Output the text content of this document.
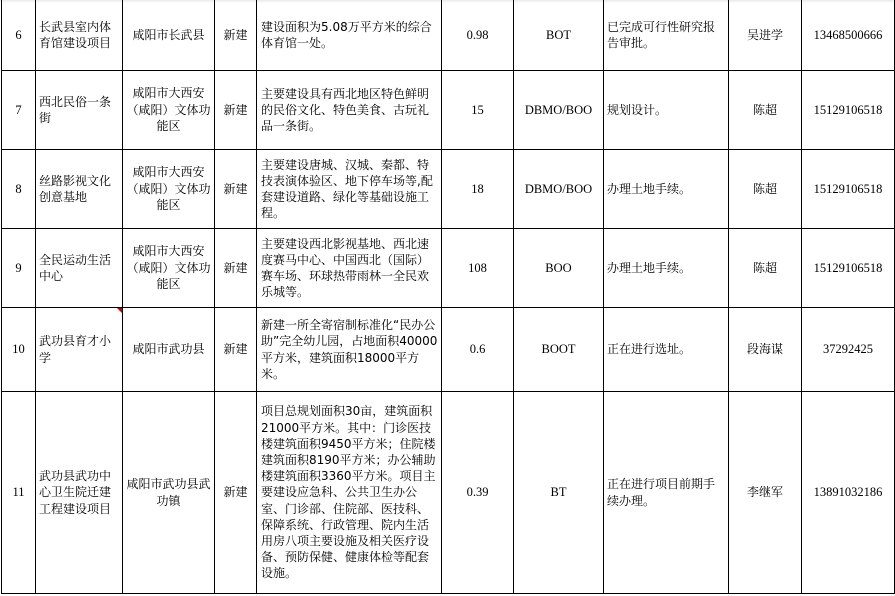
6	长武县室内体育馆建设项目	咸阳市长武县	新建	建设面积为5.08万平方米的综合体育馆一处。	0.98	BOT	已完成可行性研究报告审批。	吴进学	13468500666
7	西北民俗一条街	咸阳市大西安（咸阳）文体功能区	新建	主要建设具有西北地区特色鲜明的民俗文化、特色美食、古玩礼品一条街。	15	DBMO/BOO	规划设计。	陈超	15129106518
8	丝路影视文化创意基地	咸阳市大西安（咸阳）文体功能区	新建	主要建设唐城、汉城、秦都、特技表演体验区、地下停车场等,配套建设道路、绿化等基础设施工程。	18	DBMO/BOO	办理土地手续。	陈超	15129106518
9	全民运动生活中心	咸阳市大西安（咸阳）文体功能区	新建	主要建设西北影视基地、西北速度赛马中心、中国西北（国际）赛车场、环球热带雨林一全民欢乐城等。	108	BOO	办理土地手续。	陈超	15129106518
10	武功县育才小学	咸阳市武功县	新建	新建一所全寄宿制标准化“民办公助”完全幼儿园，占地面积40000平方米，建筑面积18000平方米。	0.6	BOOT	正在进行选址。	段海谋	37292425
11	武功县武功中心卫生院迁建工程建设项目	咸阳市武功县武功镇	新建	项目总规划面积30亩，建筑面积21000平方米。其中：门诊医技楼建筑面积9450平方米；住院楼建筑面积8190平方米；办公辅助楼建筑面积3360平方米。项目主要建设应急科、公共卫生办公室、门诊部、住院部、医技科、保障系统、行政管理、院内生活用房八项主要设施及相关医疗设备、预防保健、健康体检等配套设施。	0.39	BT	正在进行项目前期手续办理。	李继军	13891032186
